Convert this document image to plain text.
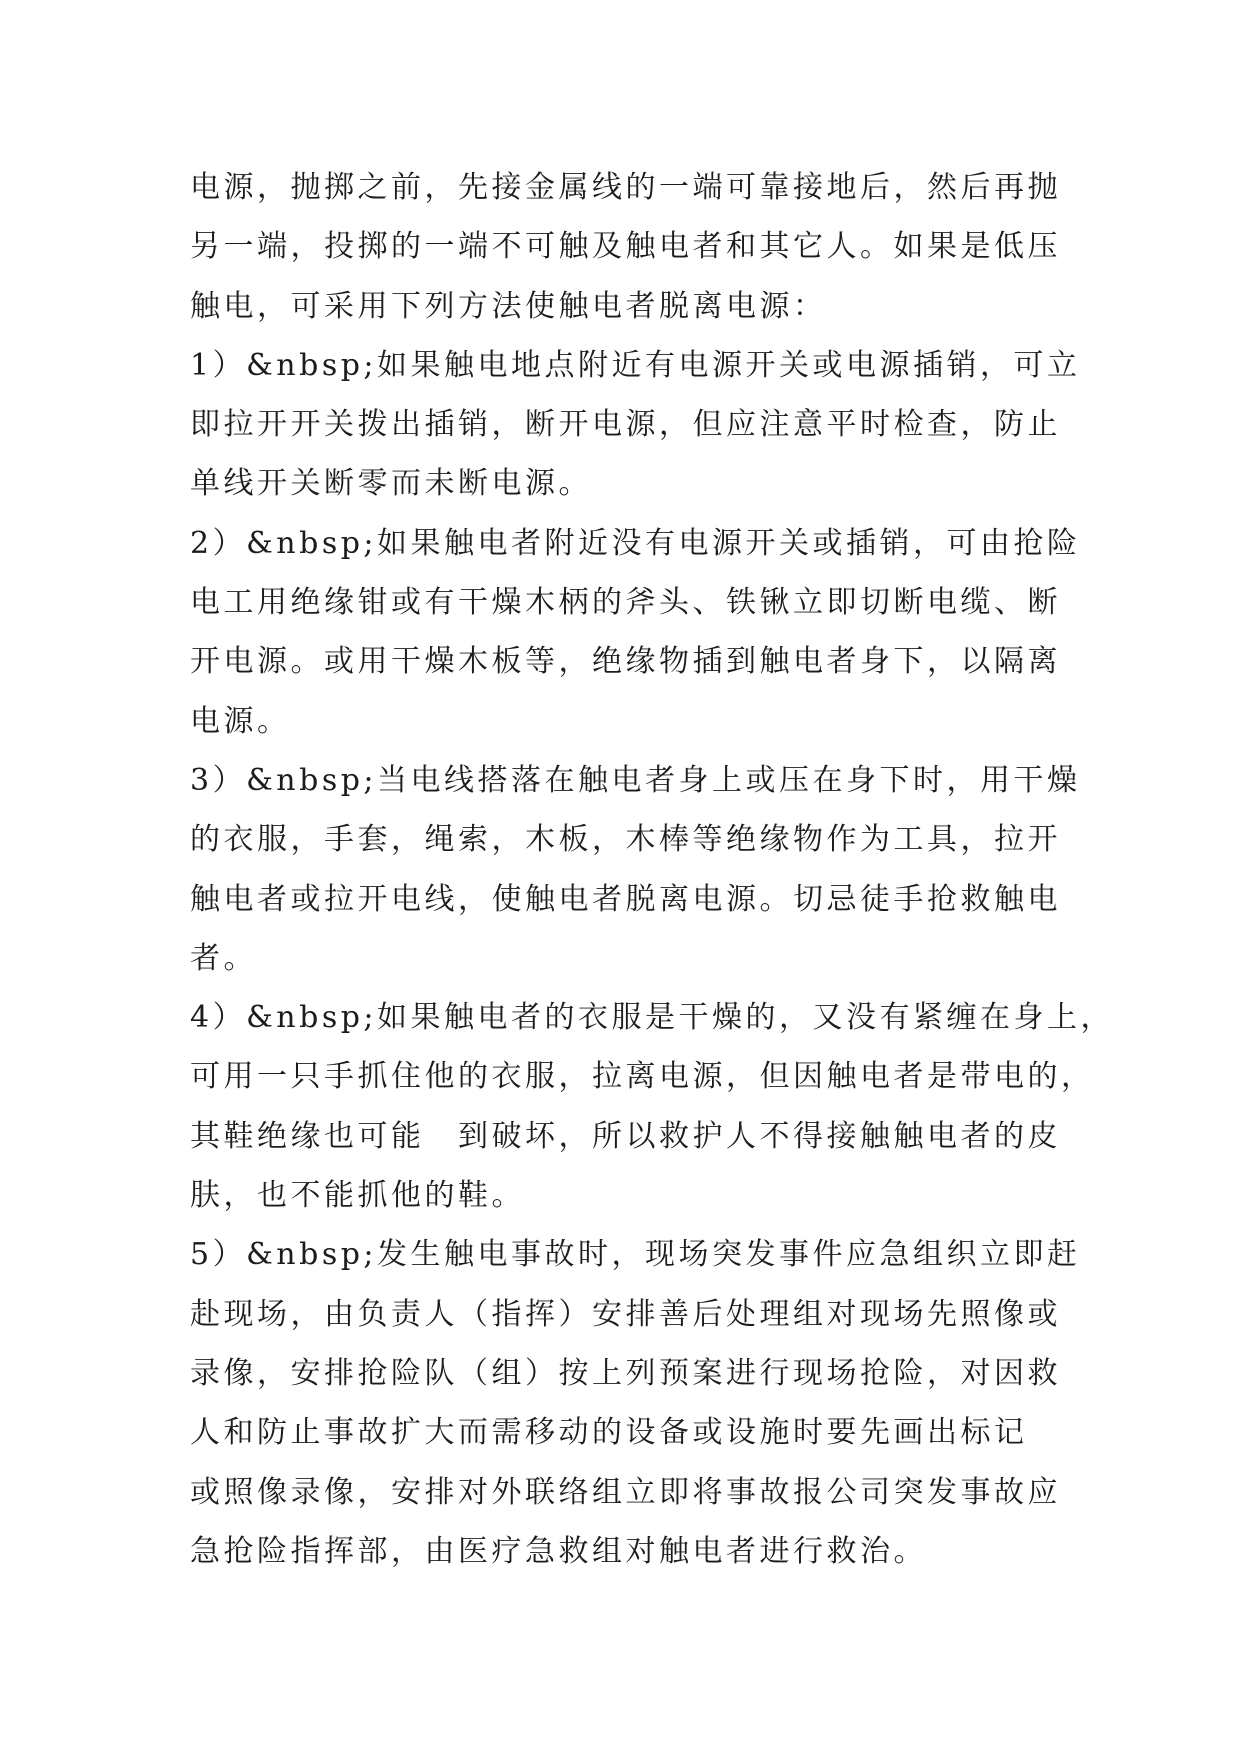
电源，抛掷之前，先接金属线的一端可靠接地后，然后再抛
另一端，投掷的一端不可触及触电者和其它人。如果是低压
触电，可采用下列方法使触电者脱离电源：
1）&nbsp;如果触电地点附近有电源开关或电源插销，可立
即拉开开关拨出插销，断开电源，但应注意平时检查，防止
单线开关断零而未断电源。
2）&nbsp;如果触电者附近没有电源开关或插销，可由抢险
电工用绝缘钳或有干燥木柄的斧头、铁锹立即切断电缆、断
开电源。或用干燥木板等，绝缘物插到触电者身下，以隔离
电源。
3）&nbsp;当电线搭落在触电者身上或压在身下时，用干燥
的衣服，手套，绳索，木板，木棒等绝缘物作为工具，拉开
触电者或拉开电线，使触电者脱离电源。切忌徒手抢救触电
者。
4）&nbsp;如果触电者的衣服是干燥的，又没有紧缠在身上，
可用一只手抓住他的衣服，拉离电源，但因触电者是带电的，
其鞋绝缘也可能　到破坏，所以救护人不得接触触电者的皮
肤，也不能抓他的鞋。
5）&nbsp;发生触电事故时，现场突发事件应急组织立即赶
赴现场，由负责人（指挥）安排善后处理组对现场先照像或
录像，安排抢险队（组）按上列预案进行现场抢险，对因救
人和防止事故扩大而需移动的设备或设施时要先画出标记
或照像录像，安排对外联络组立即将事故报公司突发事故应
急抢险指挥部，由医疗急救组对触电者进行救治。
